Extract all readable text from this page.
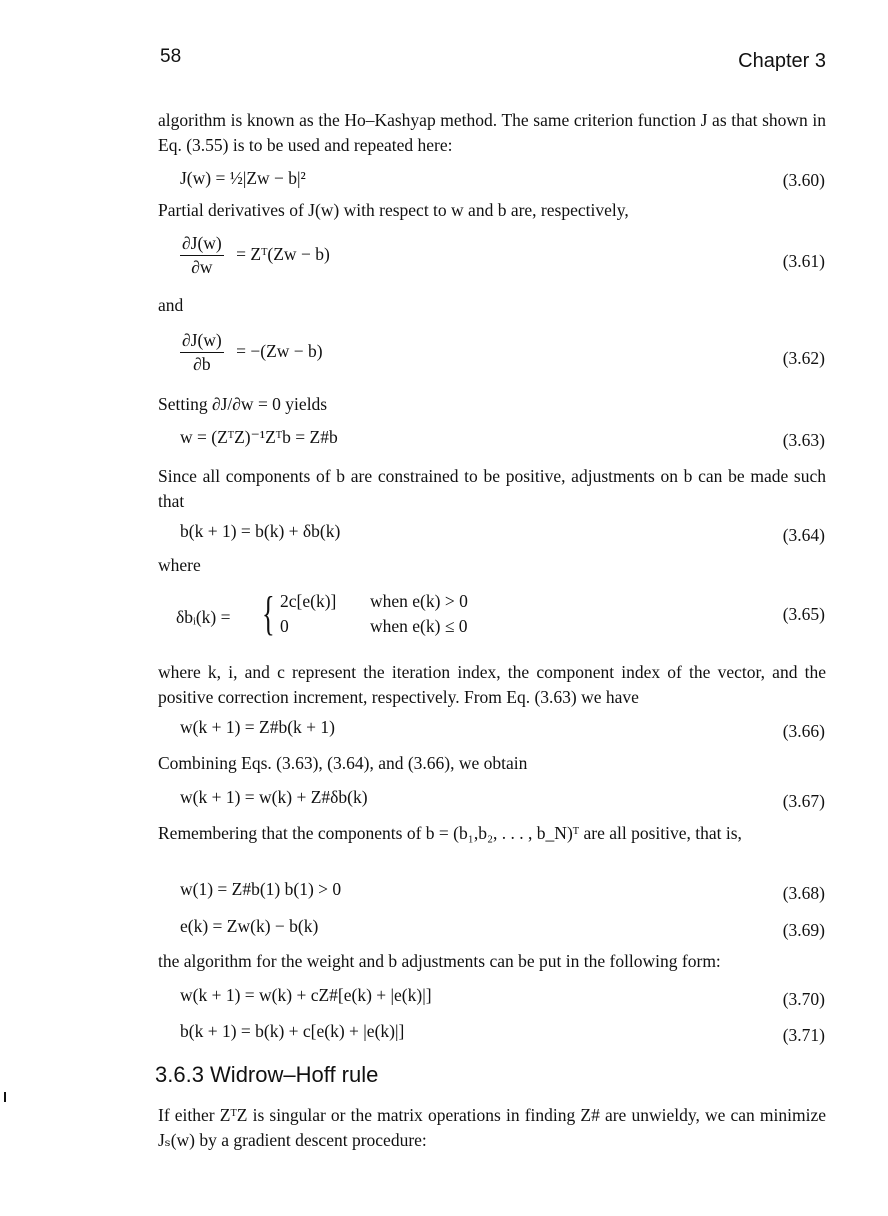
58	Chapter 3
algorithm is known as the Ho–Kashyap method. The same criterion function J as that shown in Eq. (3.55) is to be used and repeated here:
J(w) = ½|Zw − b|²	(3.60)
Partial derivatives of J(w) with respect to w and b are, respectively,
$\frac{\partial J(w)}{\partial w}$ = Zᵀ(Zw − b)	(3.61)
and
$\frac{\partial J(w)}{\partial b} = -(Zw - b)$	(3.62)
Setting ∂J/∂w = 0 yields
w = (ZᵀZ)⁻¹Zᵀb = Z#b	(3.63)
Since all components of b are constrained to be positive, adjustments on b can be made such that
b(k + 1) = b(k) + δb(k)	(3.64)
where
δbᵢ(k) = { 2c[e(k)] when e(k) > 0
0	when e(k) ≤ 0
(3.65)
where k, i, and c represent the iteration index, the component index of the vector, and the positive correction increment, respectively. From Eq. (3.63) we have
w(k + 1) = Z#b(k + 1)	(3.66)
Combining Eqs. (3.63), (3.64), and (3.66), we obtain
w(k + 1) = w(k) + Z#δb(k)	(3.67)
Remembering that the components of b = (b₁,b₂, . . . , b_N)ᵀ are all positive, that is,
w(1) = Z#b(1) b(1) > 0	(3.68)
e(k) = Zw(k) − b(k)	(3.69)
the algorithm for the weight and b adjustments can be put in the following form:
w(k + 1) = w(k) + cZ#[e(k) + |e(k)|]	(3.70)
b(k + 1) = b(k) + c[e(k) + |e(k)|]	(3.71)
3.6.3 Widrow–Hoff rule
If either ZᵀZ is singular or the matrix operations in finding Z# are unwieldy, we can minimize Jₛ(w) by a gradient descent procedure:
